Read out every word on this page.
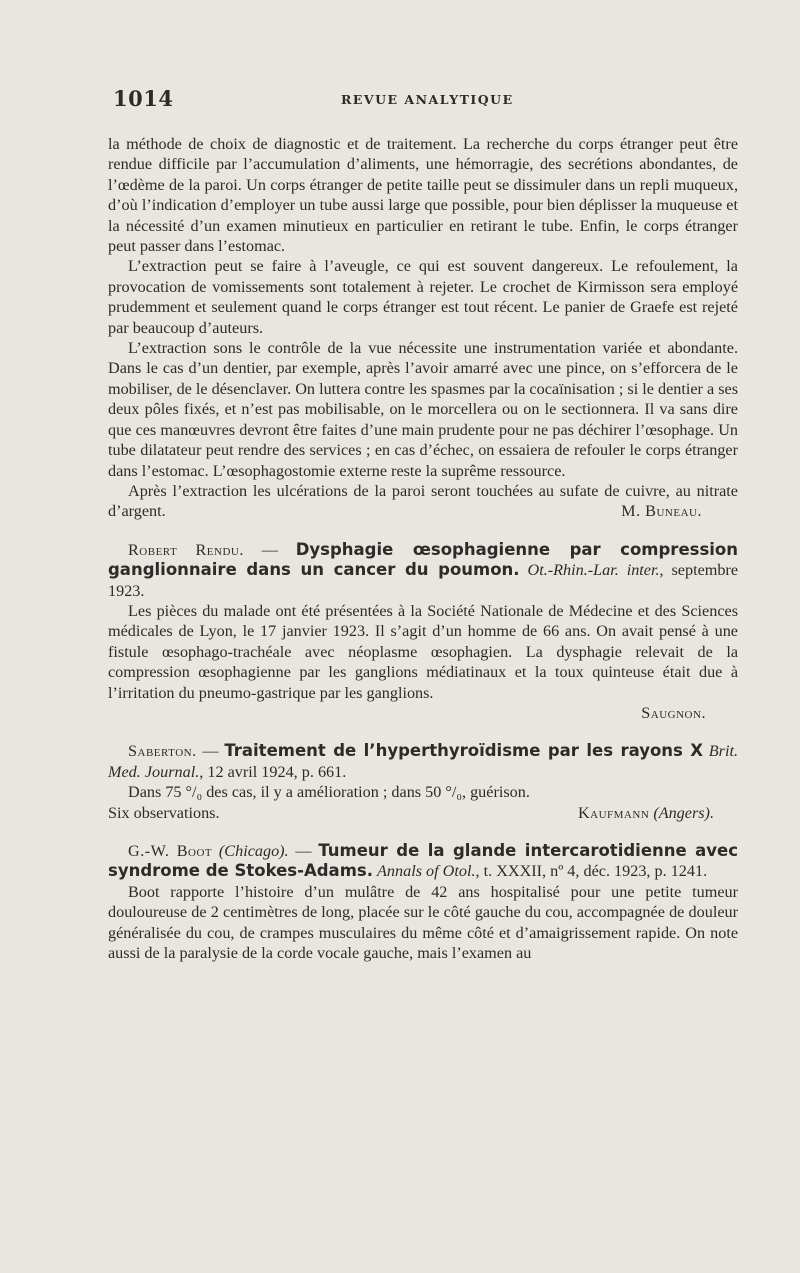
1014	REVUE ANALYTIQUE

la méthode de choix de diagnostic et de traitement. La recherche du corps étranger peut être rendue difficile par l’accumulation d’aliments, une hémorragie, des secrétions abondantes, de l’œdème de la paroi. Un corps étranger de petite taille peut se dissimuler dans un repli muqueux, d’où l’indication d’employer un tube aussi large que possible, pour bien déplisser la muqueuse et la nécessité d’un examen minutieux en particulier en retirant le tube. Enfin, le corps étranger peut passer dans l’estomac.

L’extraction peut se faire à l’aveugle, ce qui est souvent dangereux. Le refoulement, la provocation de vomissements sont totalement à rejeter. Le crochet de Kirmisson sera employé prudemment et seulement quand le corps étranger est tout récent. Le panier de Graefe est rejeté par beaucoup d’auteurs.

L’extraction sons le contrôle de la vue nécessite une instrumentation variée et abondante. Dans le cas d’un dentier, par exemple, après l’avoir amarré avec une pince, on s’efforcera de le mobiliser, de le désenclaver. On luttera contre les spasmes par la cocaïnisation ; si le dentier a ses deux pôles fixés, et n’est pas mobilisable, on le morcellera ou on le sectionnera. Il va sans dire que ces manœuvres devront être faites d’une main prudente pour ne pas déchirer l’œsophage. Un tube dilatateur peut rendre des services ; en cas d’échec, on essaiera de refouler le corps étranger dans l’estomac. L’œsophagostomie externe reste la suprême ressource.

Après l’extraction les ulcérations de la paroi seront touchées au sufate de cuivre, au nitrate d’argent.	M. Buneau.

Robert Rendu. — Dysphagie œsophagienne par compression ganglionnaire dans un cancer du poumon. Ot.-Rhin.-Lar. inter., septembre 1923.

Les pièces du malade ont été présentées à la Société Nationale de Médecine et des Sciences médicales de Lyon, le 17 janvier 1923. Il s’agit d’un homme de 66 ans. On avait pensé à une fistule œsophago-trachéale avec néoplasme œsophagien. La dysphagie relevait de la compression œsophagienne par les ganglions médiatinaux et la toux quinteuse était due à l’irritation du pneumo-gastrique par les ganglions.

Saugnon.

Saberton. — Traitement de l’hyperthyroïdisme par les rayons X Brit. Med. Journal., 12 avril 1924, p. 661.

Dans 75 °/₀ des cas, il y a amélioration ; dans 50 °/₀, guérison.

Six observations.	Kaufmann (Angers).

G.-W. Boot (Chicago). — Tumeur de la glande intercarotidienne avec syndrome de Stokes-Adams. Annals of Otol., t. XXXII, nº 4, déc. 1923, p. 1241.

Boot rapporte l’histoire d’un mulâtre de 42 ans hospitalisé pour une petite tumeur douloureuse de 2 centimètres de long, placée sur le côté gauche du cou, accompagnée de douleur généralisée du cou, de crampes musculaires du même côté et d’amaigrissement rapide. On note aussi de la paralysie de la corde vocale gauche, mais l’examen au
